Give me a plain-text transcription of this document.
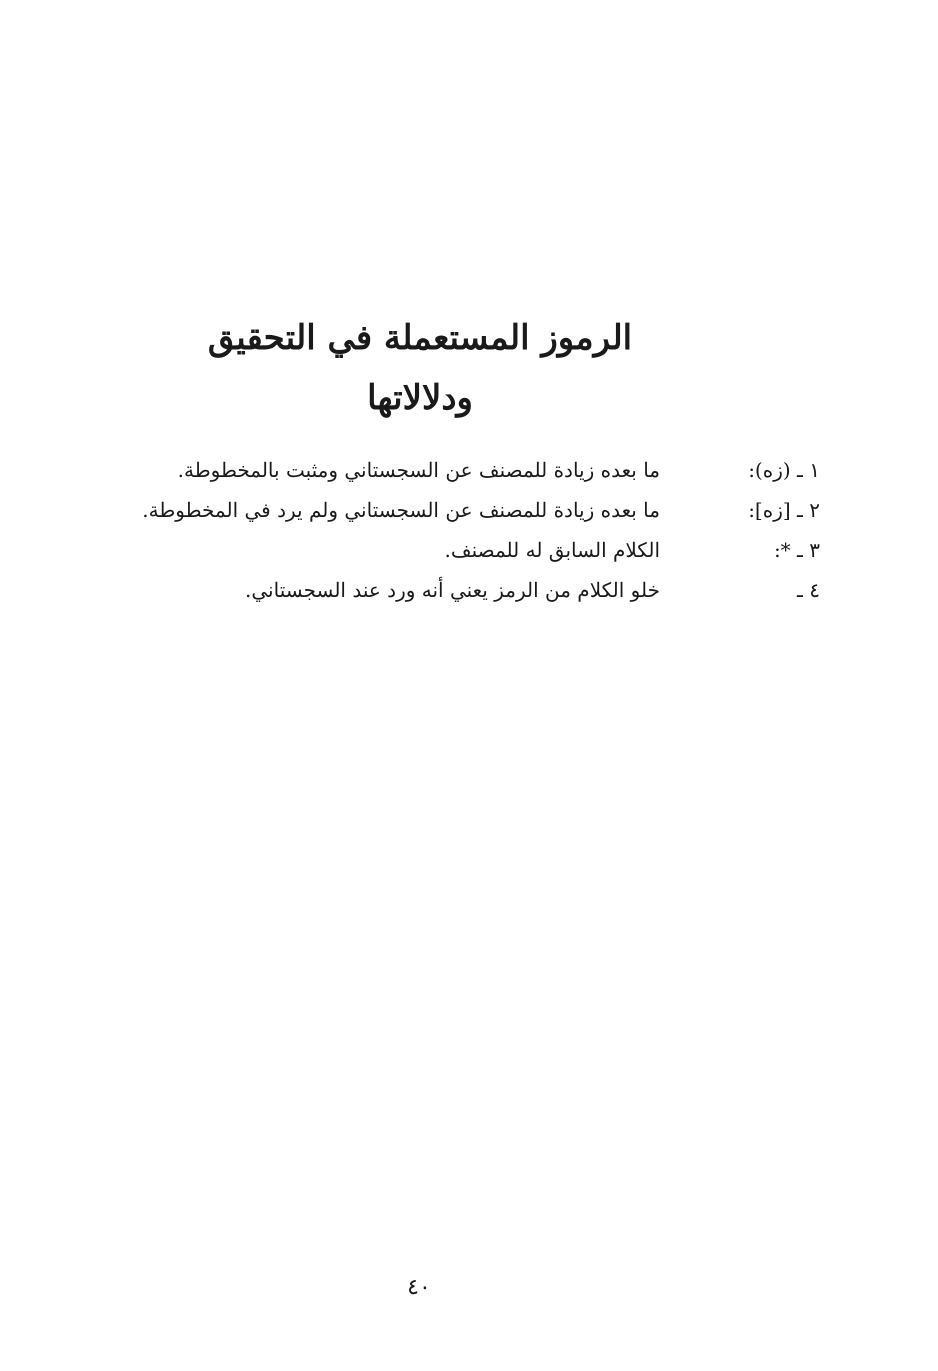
الرموز المستعملة في التحقيق ودلالاتها
١ ـ (زه):
ما بعده زيادة للمصنف عن السجستاني ومثبت بالمخطوطة.
٢ ـ [زه]:
ما بعده زيادة للمصنف عن السجستاني ولم يرد في المخطوطة.
٣ ـ *:
الكلام السابق له للمصنف.
٤ ـ
خلو الكلام من الرمز يعني أنه ورد عند السجستاني.
٤٠
